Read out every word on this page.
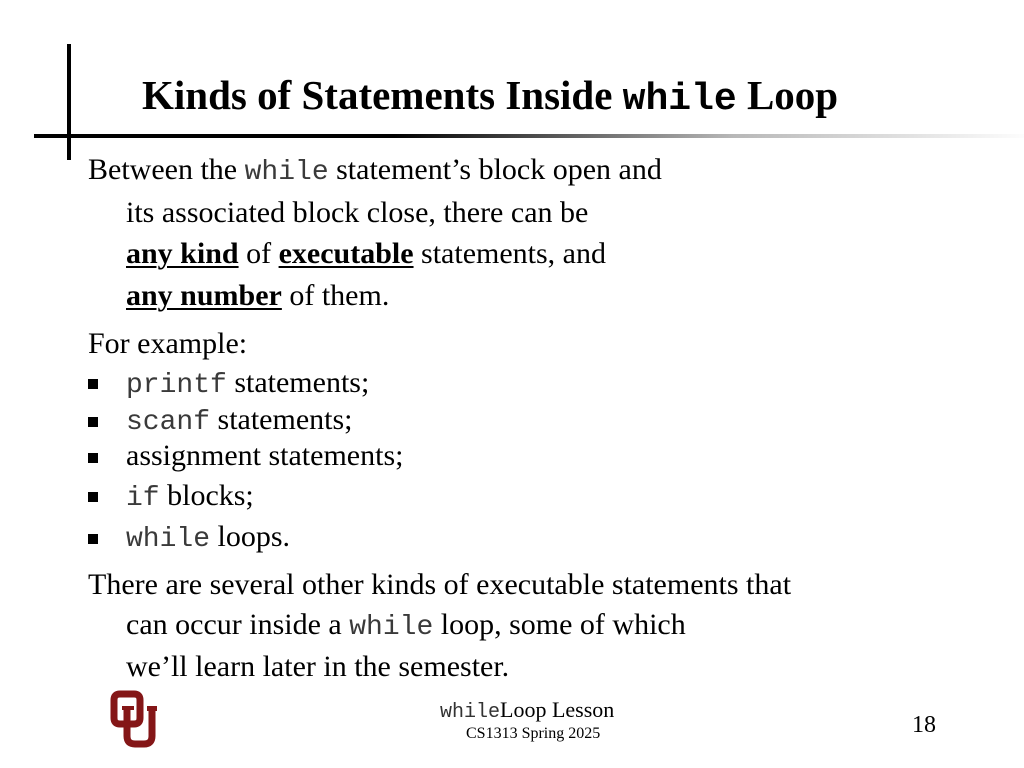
Kinds of Statements Inside while Loop

Between the while statement’s block open and

its associated block close, there can be

any kind of executable statements, and

any number of them.

For example:

printf statements;

scanf statements;

assignment statements;

if blocks;

while loops.

There are several other kinds of executable statements that

can occur inside a while loop, some of which

we’ll learn later in the semester.

whileLoop Lesson
CS1313 Spring 2025	18
